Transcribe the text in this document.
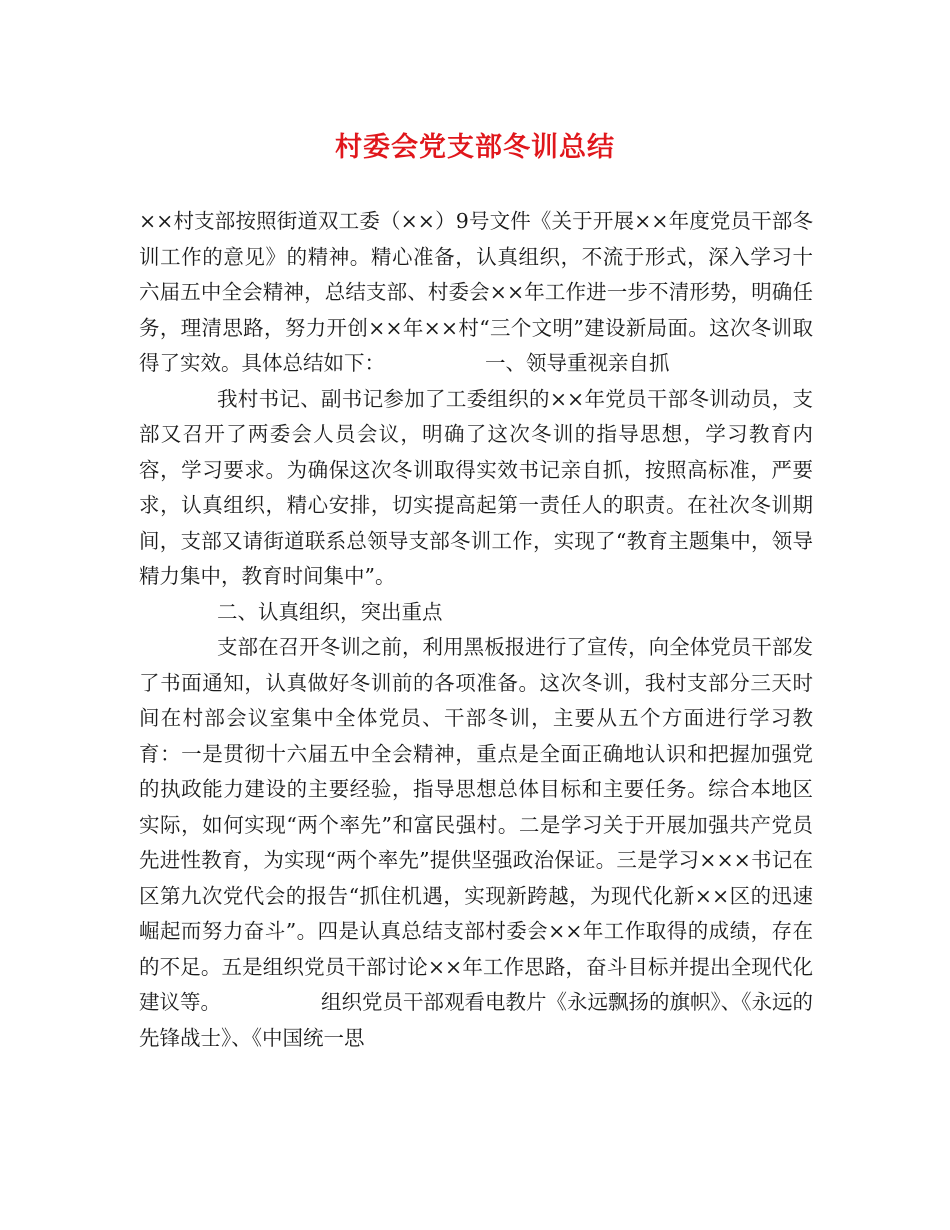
村委会党支部冬训总结

××村支部按照街道双工委（××）9号文件《关于开展××年度党员干部冬训工作的意见》的精神。精心准备，认真组织，不流于形式，深入学习十六届五中全会精神，总结支部、村委会××年工作进一步不清形势，明确任务，理清思路，努力开创××年××村“三个文明”建设新局面。这次冬训取得了实效。具体总结如下：	一、领导重视亲自抓

我村书记、副书记参加了工委组织的××年党员干部冬训动员，支部又召开了两委会人员会议，明确了这次冬训的指导思想，学习教育内容，学习要求。为确保这次冬训取得实效书记亲自抓，按照高标准，严要求，认真组织，精心安排，切实提高起第一责任人的职责。在社次冬训期间，支部又请街道联系总领导支部冬训工作，实现了“教育主题集中，领导精力集中，教育时间集中”。

二、认真组织，突出重点

支部在召开冬训之前，利用黑板报进行了宣传，向全体党员干部发了书面通知，认真做好冬训前的各项准备。这次冬训，我村支部分三天时间在村部会议室集中全体党员、干部冬训，主要从五个方面进行学习教育：一是贯彻十六届五中全会精神，重点是全面正确地认识和把握加强党的执政能力建设的主要经验，指导思想总体目标和主要任务。综合本地区实际，如何实现“两个率先”和富民强村。二是学习关于开展加强共产党员先进性教育，为实现“两个率先”提供坚强政治保证。三是学习×××书记在区第九次党代会的报告“抓住机遇，实现新跨越，为现代化新××区的迅速崛起而努力奋斗”。四是认真总结支部村委会××年工作取得的成绩，存在的不足。五是组织党员干部讨论××年工作思路，奋斗目标并提出全现代化建议等。	组织党员干部观看电教片《永远飘扬的旗帜》、《永远的先锋战士》、《中国统一思
